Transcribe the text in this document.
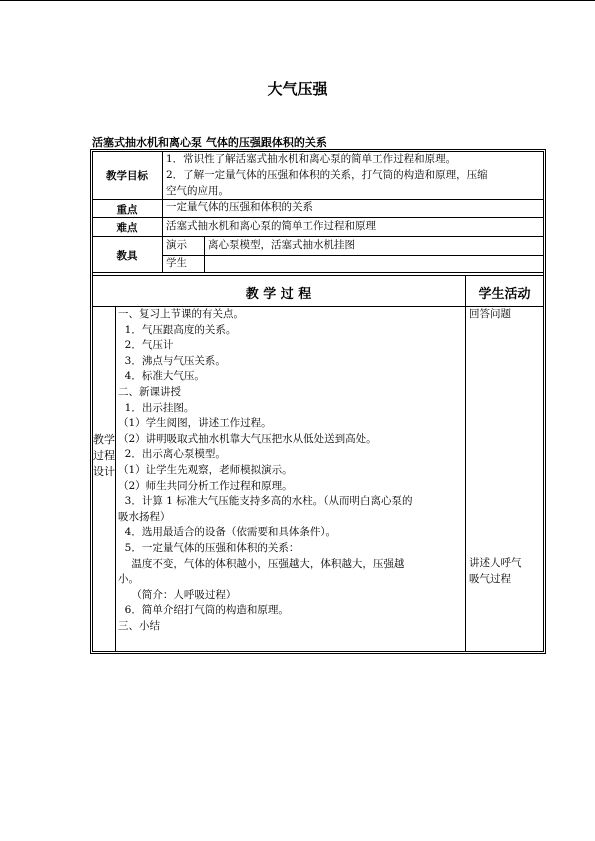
大气压强
活塞式抽水机和离心泵 气体的压强跟体积的关系
教学目标
重点
难点
教具
1．常识性了解活塞式抽水机和离心泵的简单工作过程和原理。
2．了解一定量气体的压强和体积的关系，打气筒的构造和原理，压缩
空气的应用。
一定量气体的压强和体积的关系
活塞式抽水机和离心泵的简单工作过程和原理
演示 离心泵模型，活塞式抽水机挂图
学生
教 学 过 程	学生活动
教学过程设计
一、复习上节课的有关点。
1．气压跟高度的关系。
2．气压计
3．沸点与气压关系。
4．标准大气压。
二、新课讲授
1．出示挂图。
（1）学生阅图，讲述工作过程。
（2）讲明吸取式抽水机靠大气压把水从低处送到高处。
2．出示离心泵模型。
（1）让学生先观察，老师模拟演示。
（2）师生共同分析工作过程和原理。
3．计算 1 标准大气压能支持多高的水柱。（从而明白离心泵的
吸水扬程）
4．选用最适合的设备（依需要和具体条件）。
5．一定量气体的压强和体积的关系：
温度不变，气体的体积越小，压强越大，体积越大，压强越
小。
（简介：人呼吸过程）
6．简单介绍打气筒的构造和原理。
三、小结
回答问题
讲述人呼气
吸气过程
